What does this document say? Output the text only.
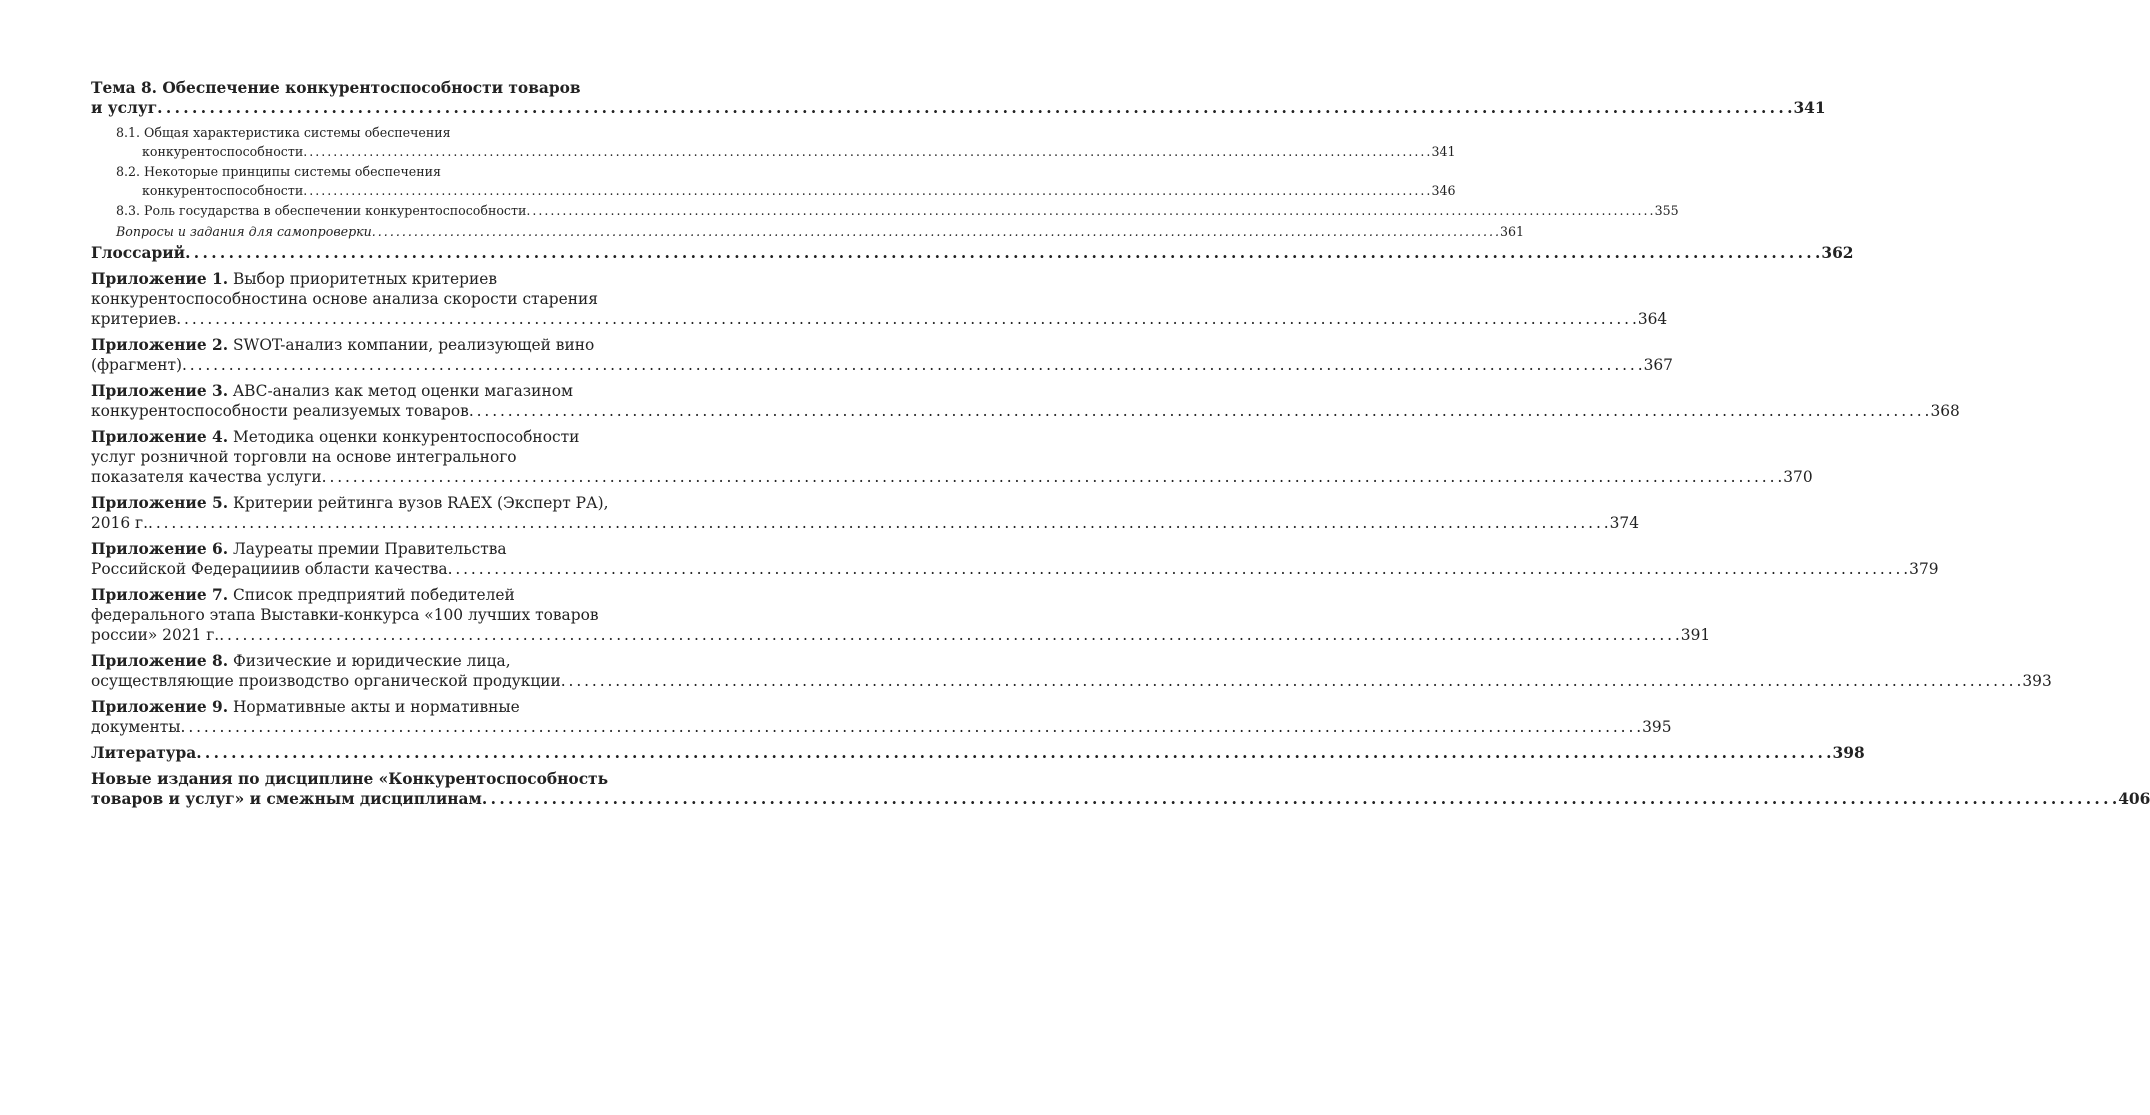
Тема 8. Обеспечение конкурентоспособности товаров
и услуг . . .	341
8.1. Общая характеристика системы обеспечения
конкурентоспособности . . .	341
8.2. Некоторые принципы системы обеспечения
конкурентоспособности . . .	346
8.3. Роль государства в обеспечении конкурентоспособности . . .	355
Вопросы и задания для самопроверки . . .	361
Глоссарий . . .	362
Приложение 1. Выбор приоритетных критериев
конкурентоспособностина основе анализа скорости старения
критериев . . .	364
Приложение 2. SWOT-анализ компании, реализующей вино
(фрагмент) . . .	367
Приложение 3. ABC-анализ как метод оценки магазином
конкурентоспособности реализуемых товаров . . .	368
Приложение 4. Методика оценки конкурентоспособности
услуг розничной торговли на основе интегрального
показателя качества услуги . . .	370
Приложение 5. Критерии рейтинга вузов RAEX (Эксперт РА),
2016 г. . . .	374
Приложение 6. Лауреаты премии Правительства
Российской Федерацииив области качества . . .	379
Приложение 7. Список предприятий победителей
федерального этапа Выставки-конкурса «100 лучших товаров
россии» 2021 г. . . .	391
Приложение 8. Физические и юридические лица,
осуществляющие производство органической продукции . . .	393
Приложение 9. Нормативные акты и нормативные
документы . . .	395
Литература . . .	398
Новые издания по дисциплине «Конкурентоспособность
товаров и услуг» и смежным дисциплинам . . .	406
